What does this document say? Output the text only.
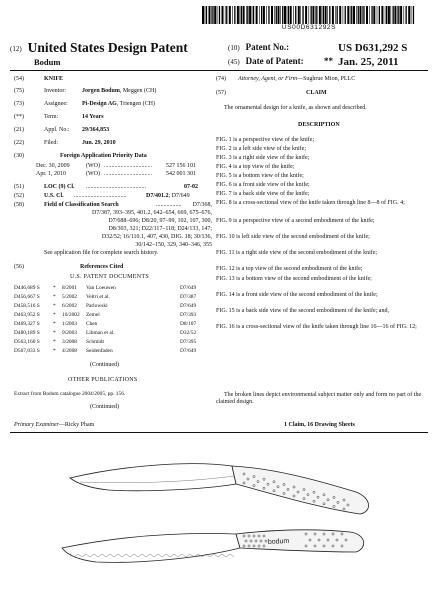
US00D631292S
(12) United States Design Patent
Bodum
(10) Patent No.:	US D631,292 S
(45) Date of Patent: ** Jan. 25, 2011
(54)	KNIFE
(75)	Inventor:	Jorgen Bodum, Meggen (CH)
(73)	Assignee: Pi-Design AG, Triengen (CH)
(**)	Term:	14 Years
(21)	Appl. No.: 29/364,853
(22)	Filed:	Jun. 29, 2010
(30)	Foreign Application Priority Data
Dec. 30, 2009	(WO) ................................ 527 156 101
Apr. 1, 2010	(WO) ................................ 542 001 301
(51)	LOC (9) Cl. ........................................	07-02
(52)	U.S. Cl. ...................................	D7/401.2; D7/649
(58)	Field of Classification Search	................. D7/368,
D7/387, 393–395, 401.2, 642–654, 669, 675–676,
D7/688–696; D8/20, 97–99, 102, 107, 300,
D8/303, 321; D22/117–118; D24/133, 147;
D32/52; 16/110.1, 407, 430, DIG. 18; 30/136,
30/142–150, 329, 340–346, 355
See application file for complete search history.
(56)	References Cited
U.S. PATENT DOCUMENTS
D446,689 S * 8/2001 Van Loeuwen	D7/649
D456,667 S * 5/2002 Veltri et al.	D7/387
D458,516 S * 6/2002 Parlowski	D7/649
D463,952 S * 10/2002 Zemel	D7/393
D469,327 S * 1/2003 Chen	D8/107
D480,189 S * 9/2003 Libman et al.	D32/52
D563,160 S * 3/2008 Schmidt	D7/395
D567,033 S * 4/2008 Seidenfaden	D7/649
(Continued)
OTHER PUBLICATIONS
Extract from Bodum catalogue 2004/2005, pp. 156.
(Continued)
Primary Examiner—Ricky Pham
(74) Attorney, Agent, or Firm—Sughrue Mion, PLLC
(57)	CLAIM
The ornamental design for a knife, as shown and described.
DESCRIPTION
FIG. 1 is a perspective view of the knife;
FIG. 2 is a left side view of the knife;
FIG. 3 is a right side view of the knife;
FIG. 4 is a top view of the knife;
FIG. 5 is a bottom view of the knife;
FIG. 6 is a front side view of the knife;
FIG. 7 is a back side view of the knife;
FIG. 8 is a cross-sectional view of the knife taken through line 8—8 of FIG. 4;
FIG. 9 is a perspective view of a second embodiment of the knife;
FIG. 10 is left side view of the second embodiment of the knife;
FIG. 11 is a right side view of the second embodiment of the knife;
FIG. 12 is a top view of the second embodiment of the knife;
FIG. 13 is a bottom view of the second embodiment of the knife;
FIG. 14 is a front side view of the second embodiment of the knife;
FIG. 15 is a back side view of the second embodiment of the knife; and,
FIG. 16 is a cross-sectional view of the knife taken through line 16—16 of FIG. 12;
The broken lines depict environmental subject matter only and form no part of the claimed design.
1 Claim, 16 Drawing Sheets
bodum
